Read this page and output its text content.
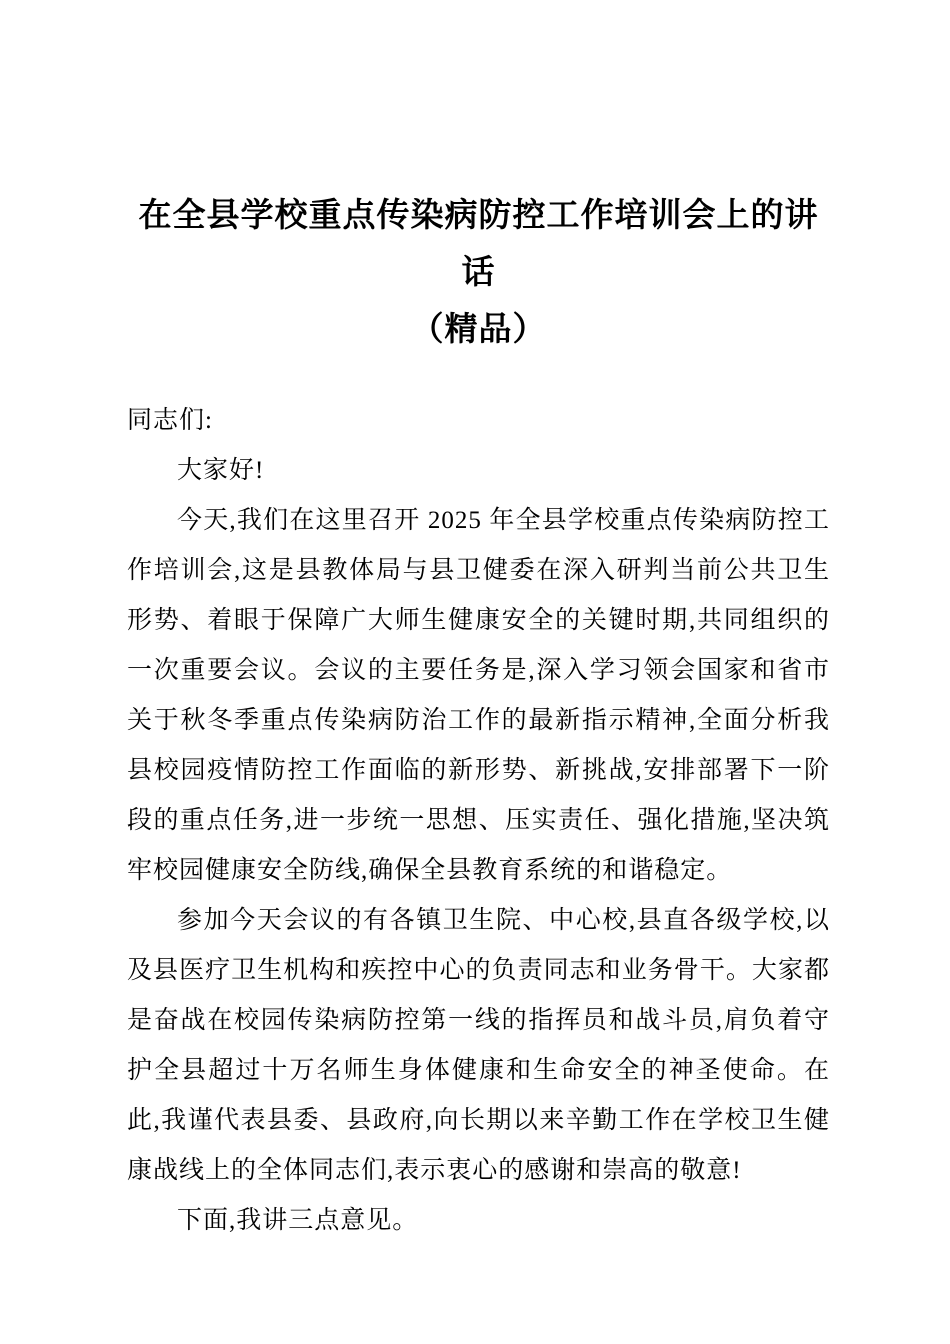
在全县学校重点传染病防控工作培训会上的讲话
（精品）

同志们:

大家好!

今天,我们在这里召开 2025 年全县学校重点传染病防控工作培训会,这是县教体局与县卫健委在深入研判当前公共卫生形势、着眼于保障广大师生健康安全的关键时期,共同组织的一次重要会议。会议的主要任务是,深入学习领会国家和省市关于秋冬季重点传染病防治工作的最新指示精神,全面分析我县校园疫情防控工作面临的新形势、新挑战,安排部署下一阶段的重点任务,进一步统一思想、压实责任、强化措施,坚决筑牢校园健康安全防线,确保全县教育系统的和谐稳定。

参加今天会议的有各镇卫生院、中心校,县直各级学校,以及县医疗卫生机构和疾控中心的负责同志和业务骨干。大家都是奋战在校园传染病防控第一线的指挥员和战斗员,肩负着守护全县超过十万名师生身体健康和生命安全的神圣使命。在此,我谨代表县委、县政府,向长期以来辛勤工作在学校卫生健康战线上的全体同志们,表示衷心的感谢和崇高的敬意!

下面,我讲三点意见。
